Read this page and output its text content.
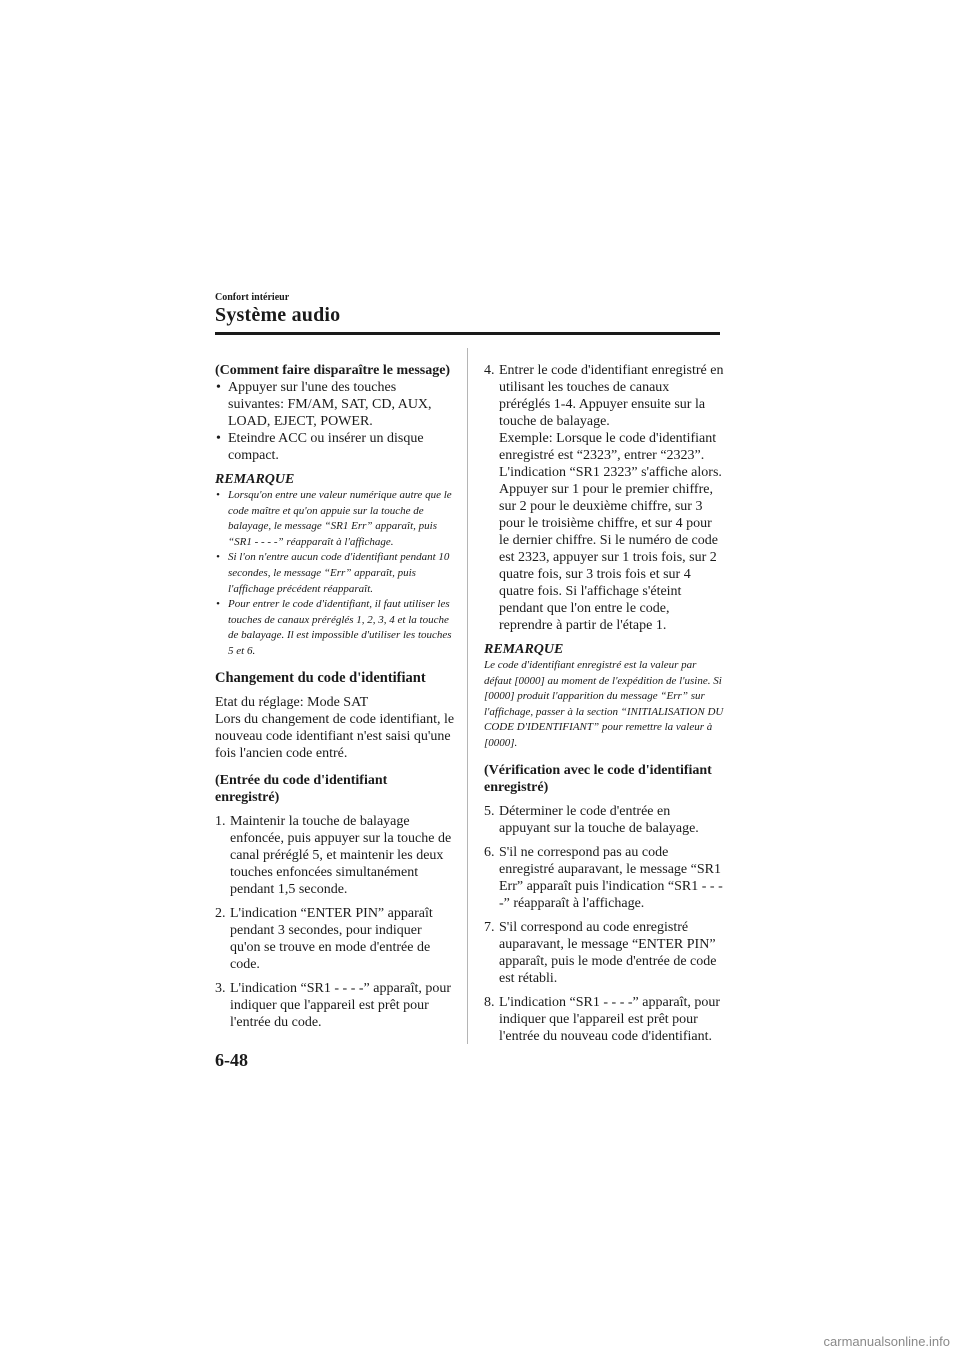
Confort intérieur
Système audio
(Comment faire disparaître le message)
• Appuyer sur l'une des touches suivantes: FM/AM, SAT, CD, AUX, LOAD, EJECT, POWER.
• Eteindre ACC ou insérer un disque compact.
REMARQUE
• Lorsqu'on entre une valeur numérique autre que le code maître et qu'on appuie sur la touche de balayage, le message “SR1 Err” apparaît, puis “SR1 - - - -” réapparaît à l'affichage.
• Si l'on n'entre aucun code d'identifiant pendant 10 secondes, le message “Err” apparaît, puis l'affichage précédent réapparaît.
• Pour entrer le code d'identifiant, il faut utiliser les touches de canaux préréglés 1, 2, 3, 4 et la touche de balayage. Il est impossible d'utiliser les touches 5 et 6.
Changement du code d'identifiant
Etat du réglage: Mode SAT
Lors du changement de code identifiant, le nouveau code identifiant n'est saisi qu'une fois l'ancien code entré.
(Entrée du code d'identifiant enregistré)
1. Maintenir la touche de balayage enfoncée, puis appuyer sur la touche de canal préréglé 5, et maintenir les deux touches enfoncées simultanément pendant 1,5 seconde.
2. L'indication “ENTER PIN” apparaît pendant 3 secondes, pour indiquer qu'on se trouve en mode d'entrée de code.
3. L'indication “SR1 - - - -” apparaît, pour indiquer que l'appareil est prêt pour l'entrée du code.
4. Entrer le code d'identifiant enregistré en utilisant les touches de canaux préréglés 1-4. Appuyer ensuite sur la touche de balayage.
Exemple: Lorsque le code d'identifiant enregistré est “2323”, entrer “2323”. L'indication “SR1 2323” s'affiche alors.
Appuyer sur 1 pour le premier chiffre, sur 2 pour le deuxième chiffre, sur 3 pour le troisième chiffre, et sur 4 pour le dernier chiffre. Si le numéro de code est 2323, appuyer sur 1 trois fois, sur 2 quatre fois, sur 3 trois fois et sur 4 quatre fois. Si l'affichage s'éteint pendant que l'on entre le code, reprendre à partir de l'étape 1.
REMARQUE
Le code d'identifiant enregistré est la valeur par défaut [0000] au moment de l'expédition de l'usine. Si [0000] produit l'apparition du message “Err” sur l'affichage, passer à la section “INITIALISATION DU CODE D'IDENTIFIANT” pour remettre la valeur à [0000].
(Vérification avec le code d'identifiant enregistré)
5. Déterminer le code d'entrée en appuyant sur la touche de balayage.
6. S'il ne correspond pas au code enregistré auparavant, le message “SR1 Err” apparaît puis l'indication “SR1 - - - -” réapparaît à l'affichage.
7. S'il correspond au code enregistré auparavant, le message “ENTER PIN” apparaît, puis le mode d'entrée de code est rétabli.
8. L'indication “SR1 - - - -” apparaît, pour indiquer que l'appareil est prêt pour l'entrée du nouveau code d'identifiant.
6-48
carmanualsonline.info
